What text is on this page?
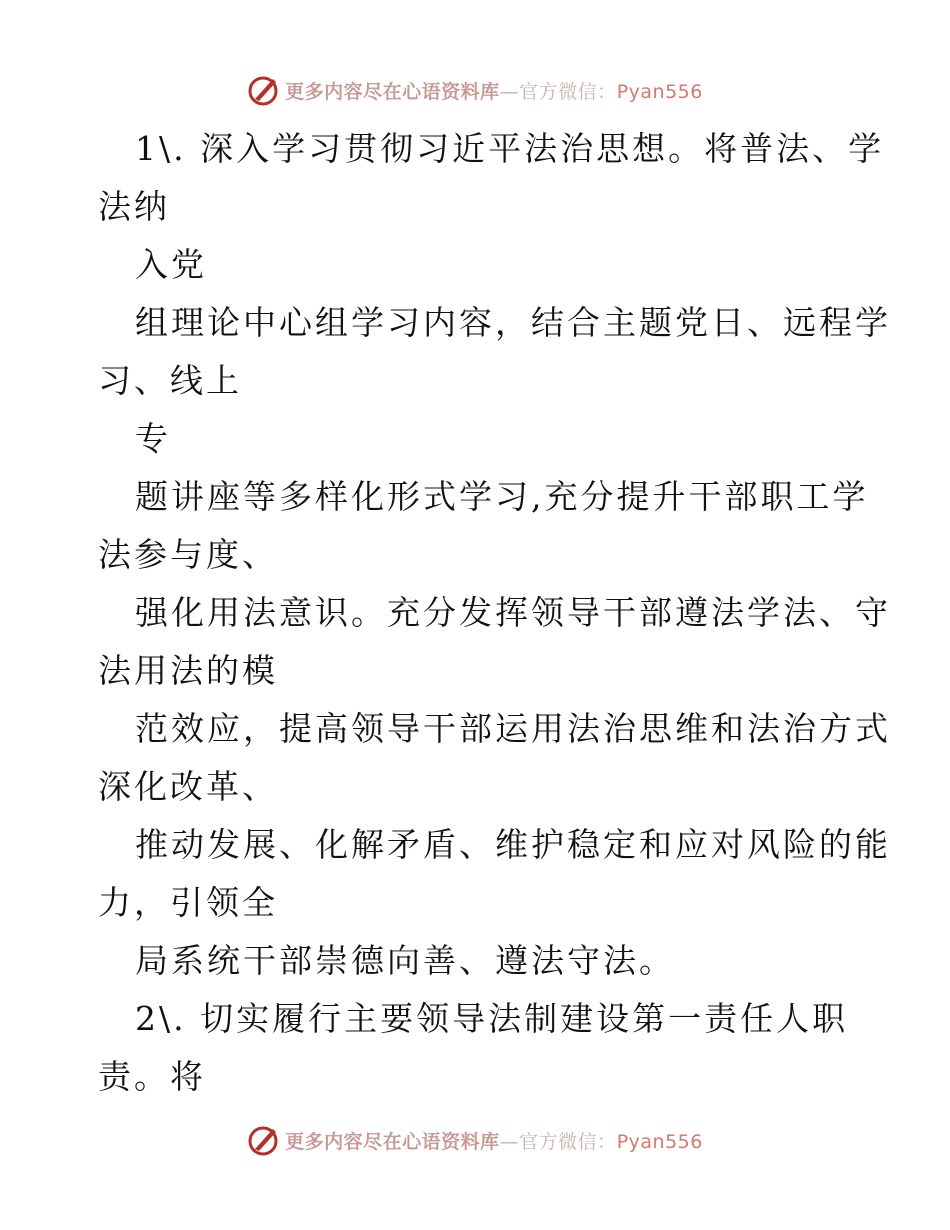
更多内容尽在心语资料库—官方微信：Pyan556
1\. 深入学习贯彻习近平法治思想。将普法、学
法纳
入党
组理论中心组学习内容，结合主题党日、远程学
习、线上
专
题讲座等多样化形式学习,充分提升干部职工学
法参与度、
强化用法意识。充分发挥领导干部遵法学法、守
法用法的模
范效应，提高领导干部运用法治思维和法治方式
深化改革、
推动发展、化解矛盾、维护稳定和应对风险的能
力，引领全
局系统干部崇德向善、遵法守法。
2\. 切实履行主要领导法制建设第一责任人职
责。将
更多内容尽在心语资料库—官方微信：Pyan556
